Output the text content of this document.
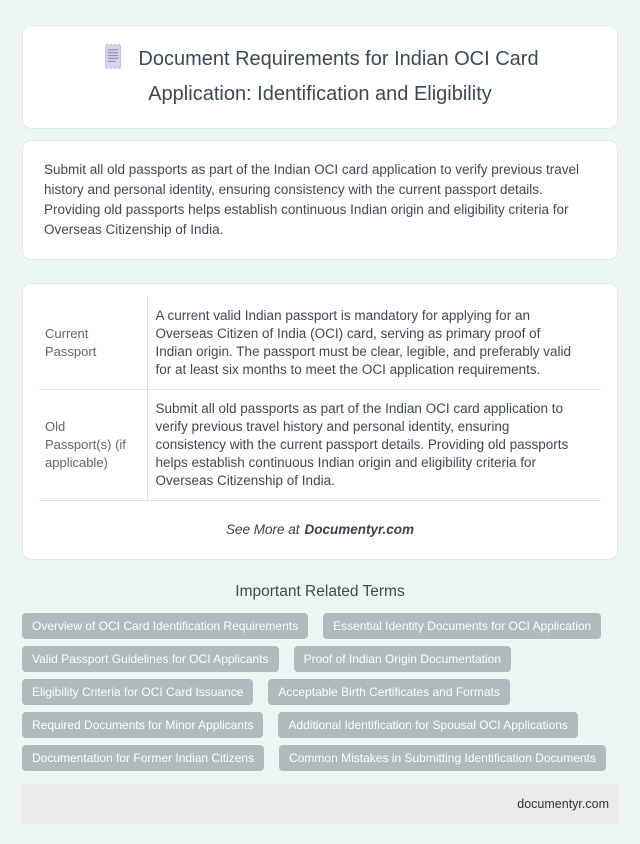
Document Requirements for Indian OCI Card Application: Identification and Eligibility

Submit all old passports as part of the Indian OCI card application to verify previous travel history and personal identity, ensuring consistency with the current passport details. Providing old passports helps establish continuous Indian origin and eligibility criteria for Overseas Citizenship of India.

Current Passport	A current valid Indian passport is mandatory for applying for an Overseas Citizen of India (OCI) card, serving as primary proof of Indian origin. The passport must be clear, legible, and preferably valid for at least six months to meet the OCI application requirements.
Old Passport(s) (if applicable)	Submit all old passports as part of the Indian OCI card application to verify previous travel history and personal identity, ensuring consistency with the current passport details. Providing old passports helps establish continuous Indian origin and eligibility criteria for Overseas Citizenship of India.

See More at Documentyr.com

Important Related Terms
Overview of OCI Card Identification Requirements	Essential Identity Documents for OCI Application
Valid Passport Guidelines for OCI Applicants	Proof of Indian Origin Documentation
Eligibility Criteria for OCI Card Issuance	Acceptable Birth Certificates and Formats
Required Documents for Minor Applicants	Additional Identification for Spousal OCI Applications
Documentation for Former Indian Citizens	Common Mistakes in Submitting Identification Documents
documentyr.com
